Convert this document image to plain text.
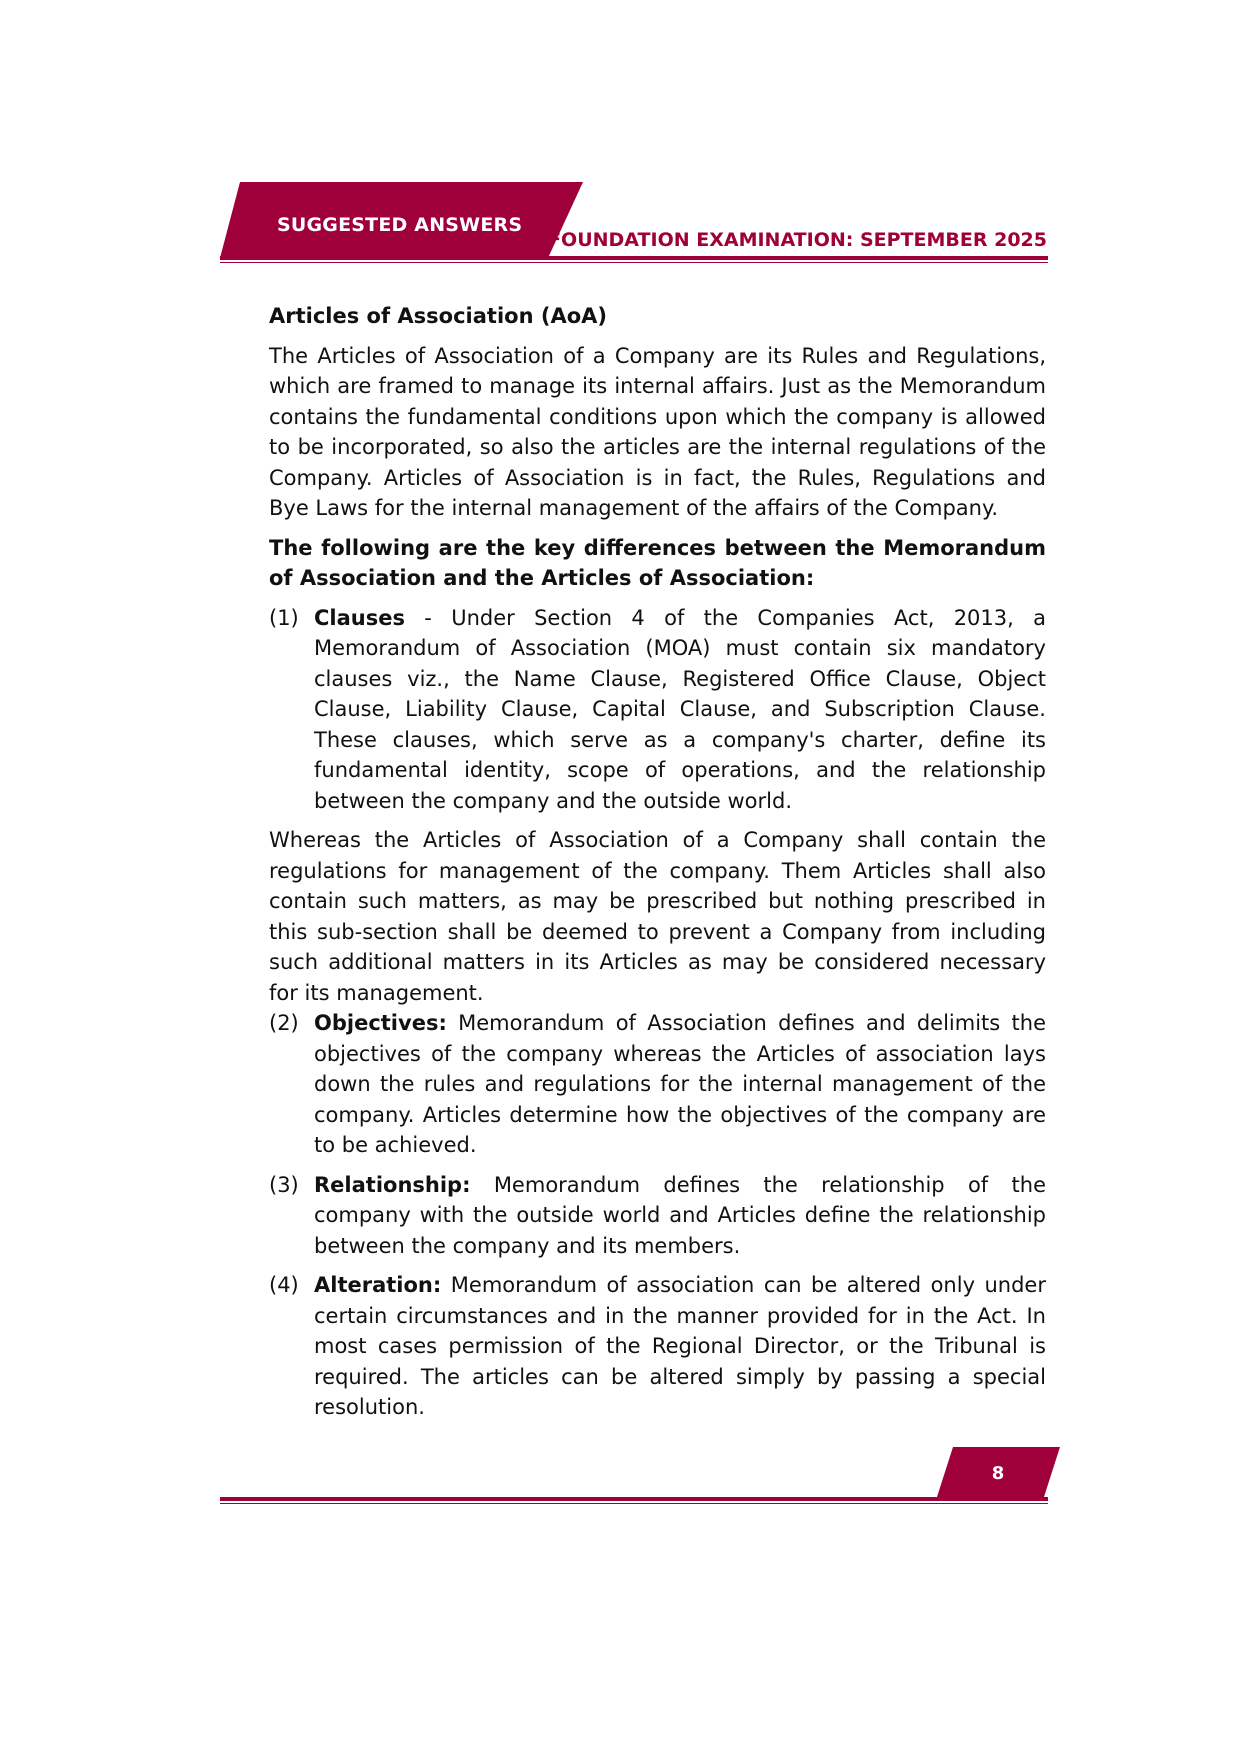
SUGGESTED ANSWERS
FOUNDATION EXAMINATION: SEPTEMBER 2025

Articles of Association (AoA)

The Articles of Association of a Company are its Rules and Regulations, which are framed to manage its internal affairs. Just as the Memorandum contains the fundamental conditions upon which the company is allowed to be incorporated, so also the articles are the internal regulations of the Company. Articles of Association is in fact, the Rules, Regulations and Bye Laws for the internal management of the affairs of the Company.

The following are the key differences between the Memorandum of Association and the Articles of Association:

(1) Clauses - Under Section 4 of the Companies Act, 2013, a Memorandum of Association (MOA) must contain six mandatory clauses viz., the Name Clause, Registered Office Clause, Object Clause, Liability Clause, Capital Clause, and Subscription Clause. These clauses, which serve as a company's charter, define its fundamental identity, scope of operations, and the relationship between the company and the outside world.

Whereas the Articles of Association of a Company shall contain the regulations for management of the company. Them Articles shall also contain such matters, as may be prescribed but nothing prescribed in this sub-section shall be deemed to prevent a Company from including such additional matters in its Articles as may be considered necessary for its management.

(2) Objectives: Memorandum of Association defines and delimits the objectives of the company whereas the Articles of association lays down the rules and regulations for the internal management of the company. Articles determine how the objectives of the company are to be achieved.
(3) Relationship: Memorandum defines the relationship of the company with the outside world and Articles define the relationship between the company and its members.
(4) Alteration: Memorandum of association can be altered only under certain circumstances and in the manner provided for in the Act. In most cases permission of the Regional Director, or the Tribunal is required. The articles can be altered simply by passing a special resolution.
8
